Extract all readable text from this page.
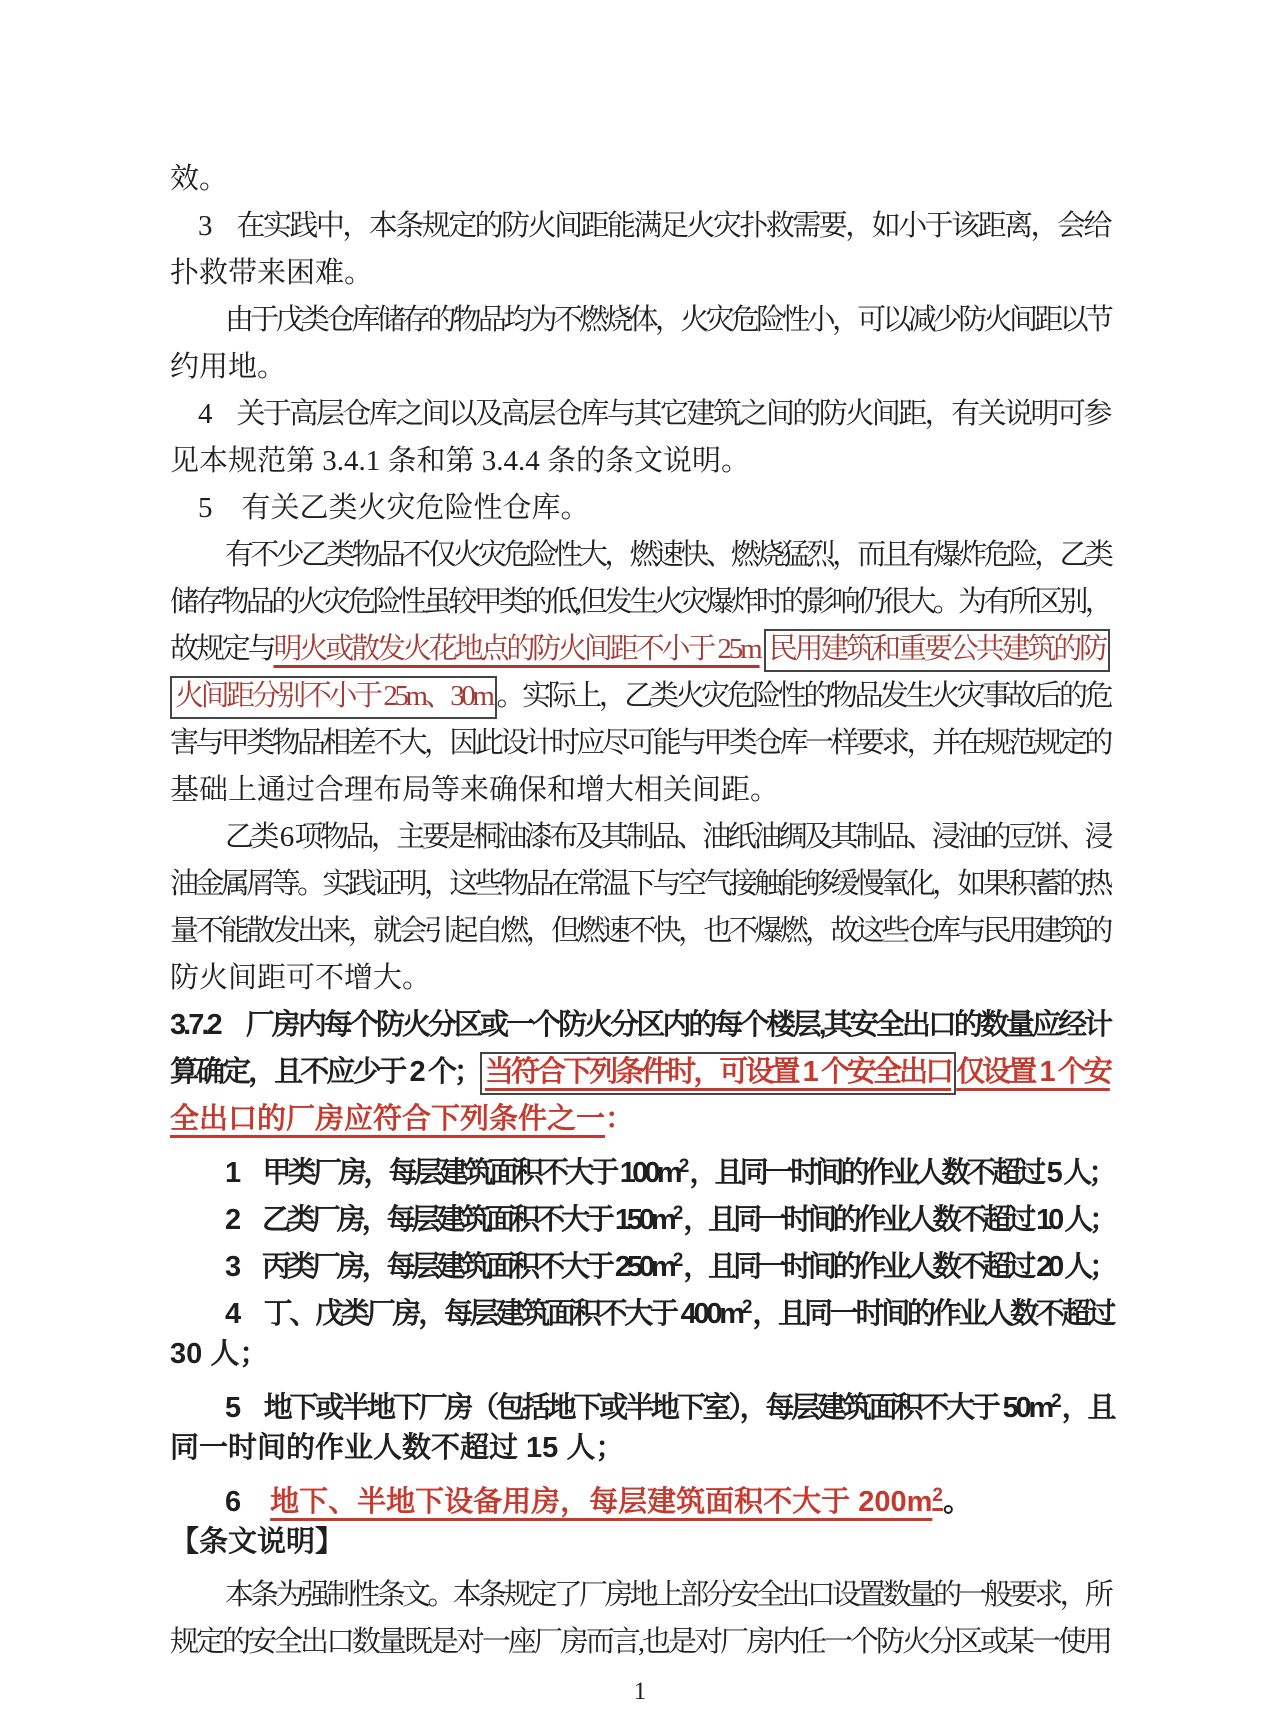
效。
3　在实践中，本条规定的防火间距能满足火灾扑救需要，如小于该距离，会给
扑救带来困难。
由于戊类仓库储存的物品均为不燃烧体，火灾危险性小，可以减少防火间距以节
约用地。
4　关于高层仓库之间以及高层仓库与其它建筑之间的防火间距，有关说明可参
见本规范第 3.4.1 条和第 3.4.4 条的条文说明。
5　有关乙类火灾危险性仓库。
有不少乙类物品不仅火灾危险性大，燃速快、燃烧猛烈，而且有爆炸危险，乙类
储存物品的火灾危险性虽较甲类的低,但发生火灾爆炸时的影响仍很大。为有所区别，
故规定与明火或散发火花地点的防火间距不小于 25m 民用建筑和重要公共建筑的防
火间距分别不小于 25m、30m 。实际上，乙类火灾危险性的物品发生火灾事故后的危
害与甲类物品相差不大，因此设计时应尽可能与甲类仓库一样要求，并在规范规定的
基础上通过合理布局等来确保和增大相关间距。
乙类 6 项物品，主要是桐油漆布及其制品、油纸油绸及其制品、浸油的豆饼、浸
油金属屑等。实践证明，这些物品在常温下与空气接触能够缓慢氧化，如果积蓄的热
量不能散发出来，就会引起自燃，但燃速不快，也不爆燃，故这些仓库与民用建筑的
防火间距可不增大。
3.7.2　厂房内每个防火分区或一个防火分区内的每个楼层,其安全出口的数量应经计
算确定，且不应少于 2 个； 当符合下列条件时，可设置 1 个安全出口 仅设置 1 个安
全出口的厂房应符合下列条件之一：
1　甲类厂房，每层建筑面积不大于 $100m^2$，且同一时间的作业人数不超过 5 人；
2　乙类厂房，每层建筑面积不大于 $150m^2$，且同一时间的作业人数不超过 10 人；
3　丙类厂房，每层建筑面积不大于 $250m^2$，且同一时间的作业人数不超过 20 人；
4　丁、戊类厂房，每层建筑面积不大于 $400m^2$，且同一时间的作业人数不超过
30 人；
5　地下或半地下厂房（包括地下或半地下室），每层建筑面积不大于 $50m^2$，且
同一时间的作业人数不超过 15 人；
6　地下、半地下设备用房，每层建筑面积不大于 $200m^2$。
【条文说明】
本条为强制性条文。本条规定了厂房地上部分安全出口设置数量的一般要求，所
规定的安全出口数量既是对一座厂房而言,也是对厂房内任一个防火分区或某一使用
1
